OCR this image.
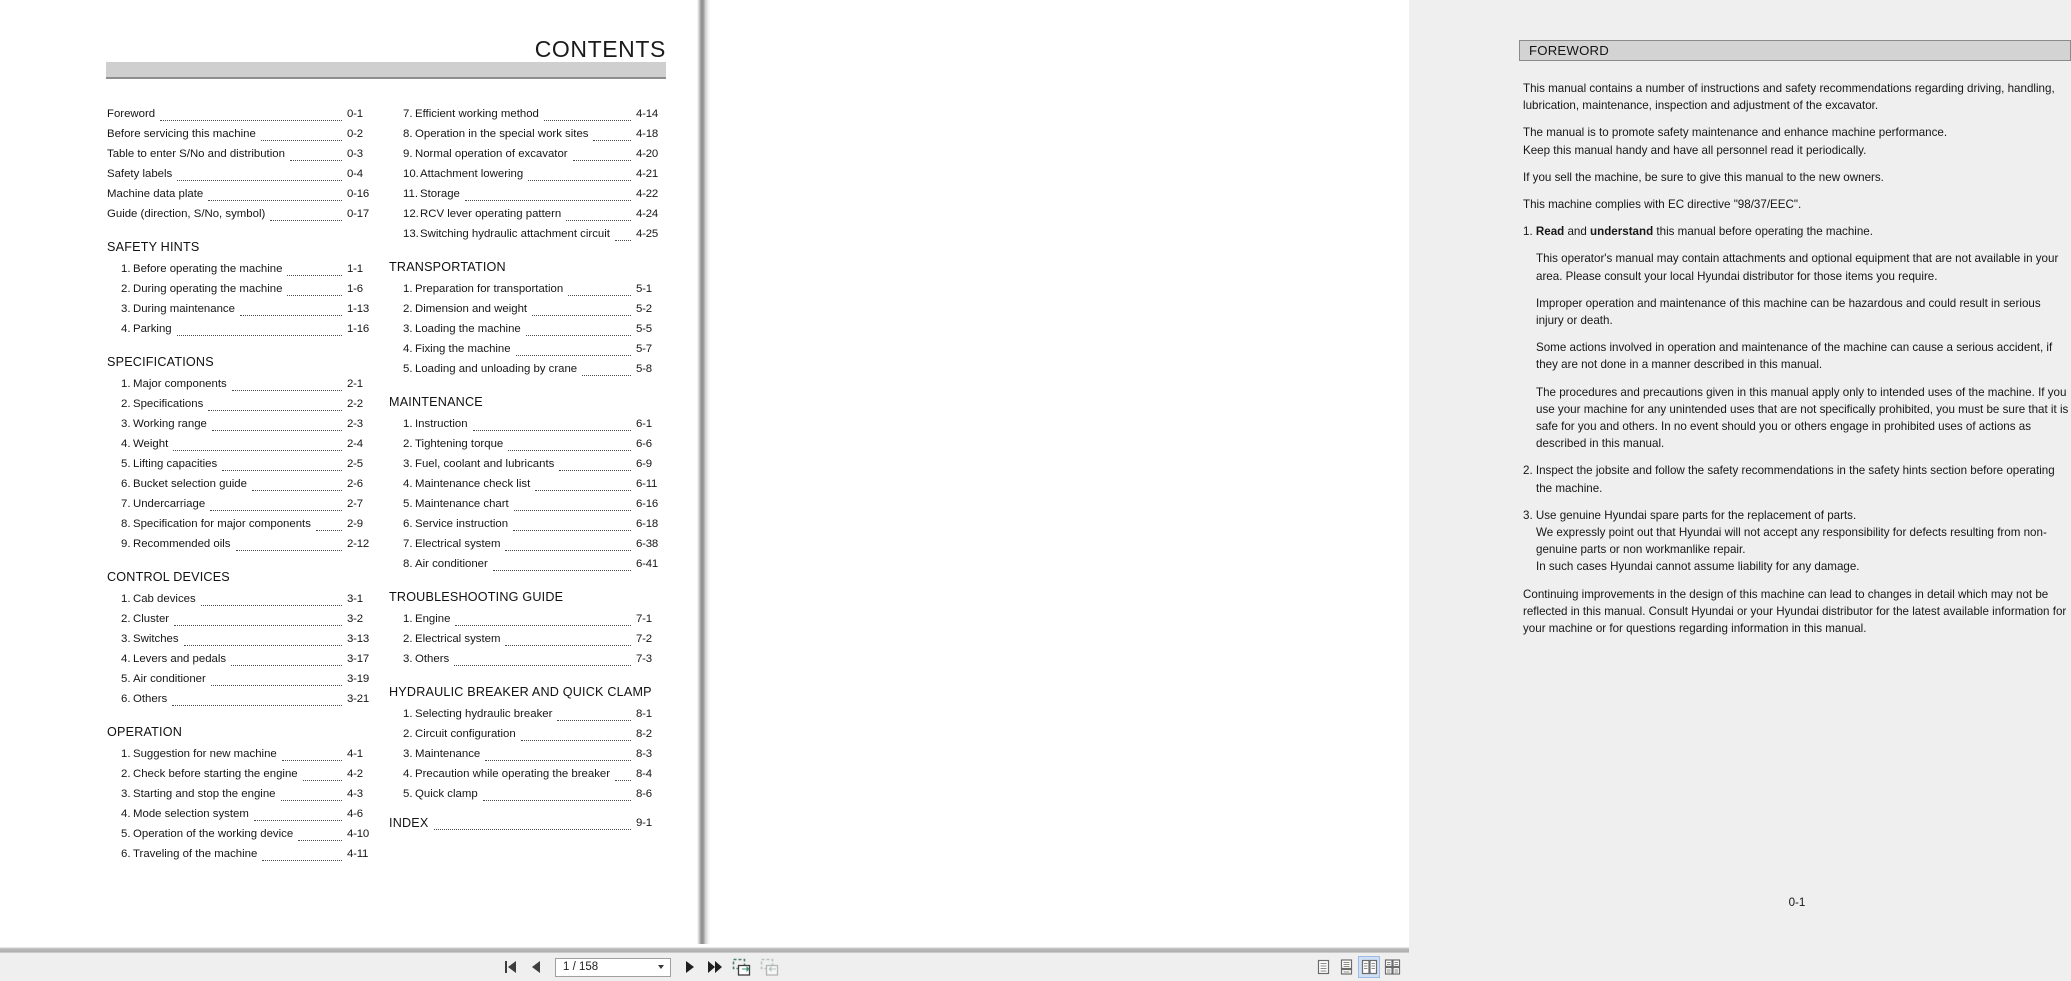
CONTENTS
Foreword	0-1
Before servicing this machine	0-2
Table to enter S/No and distribution	0-3
Safety labels	0-4
Machine data plate	0-16
Guide (direction, S/No, symbol)	0-17
SAFETY HINTS
1. Before operating the machine	1-1
2. During operating the machine	1-6
3. During maintenance	1-13
4. Parking	1-16
SPECIFICATIONS
1. Major components	2-1
2. Specifications	2-2
3. Working range	2-3
4. Weight	2-4
5. Lifting capacities	2-5
6. Bucket selection guide	2-6
7. Undercarriage	2-7
8. Specification for major components	2-9
9. Recommended oils	2-12
CONTROL DEVICES
1. Cab devices	3-1
2. Cluster	3-2
3. Switches	3-13
4. Levers and pedals	3-17
5. Air conditioner	3-19
6. Others	3-21
OPERATION
1. Suggestion for new machine	4-1
2. Check before starting the engine	4-2
3. Starting and stop the engine	4-3
4. Mode selection system	4-6
5. Operation of the working device	4-10
6. Traveling of the machine	4-11
7. Efficient working method	4-14
8. Operation in the special work sites	4-18
9. Normal operation of excavator	4-20
10. Attachment lowering	4-21
11. Storage	4-22
12. RCV lever operating pattern	4-24
13. Switching hydraulic attachment circuit 4-25
TRANSPORTATION
1. Preparation for transportation	5-1
2. Dimension and weight	5-2
3. Loading the machine	5-5
4. Fixing the machine	5-7
5. Loading and unloading by crane	5-8
MAINTENANCE
1. Instruction	6-1
2. Tightening torque	6-6
3. Fuel, coolant and lubricants	6-9
4. Maintenance check list	6-11
5. Maintenance chart	6-16
6. Service instruction	6-18
7. Electrical system	6-38
8. Air conditioner	6-41
TROUBLESHOOTING GUIDE
1. Engine	7-1
2. Electrical system	7-2
3. Others	7-3
HYDRAULIC BREAKER AND QUICK CLAMP
1. Selecting hydraulic breaker	8-1
2. Circuit configuration	8-2
3. Maintenance	8-3
4. Precaution while operating the breaker 8-4
5. Quick clamp	8-6
INDEX	9-1
FOREWORD

This manual contains a number of instructions and safety recommendations regarding driving, handling, lubrication, maintenance, inspection and adjustment of the excavator.

The manual is to promote safety maintenance and enhance machine performance.

Keep this manual handy and have all personnel read it periodically.

If you sell the machine, be sure to give this manual to the new owners.

This machine complies with EC directive "98/37/EEC".

1. Read and understand this manual before operating the machine.

This operator's manual may contain attachments and optional equipment that are not available in your area. Please consult your local Hyundai distributor for those items you require.

Improper operation and maintenance of this machine can be hazardous and could result in serious injury or death.

Some actions involved in operation and maintenance of the machine can cause a serious accident, if they are not done in a manner described in this manual.

The procedures and precautions given in this manual apply only to intended uses of the machine. If you use your machine for any unintended uses that are not specifically prohibited, you must be sure that it is safe for you and others. In no event should you or others engage in prohibited uses of actions as described in this manual.

2. Inspect the jobsite and follow the safety recommendations in the safety hints section before operating the machine.

3. Use genuine Hyundai spare parts for the replacement of parts.

We expressly point out that Hyundai will not accept any responsibility for defects resulting from non-genuine parts or non workmanlike repair.

In such cases Hyundai cannot assume liability for any damage.

Continuing improvements in the design of this machine can lead to changes in detail which may not be reflected in this manual. Consult Hyundai or your Hyundai distributor for the latest available information for your machine or for questions regarding information in this manual.

0-1
1 / 158
